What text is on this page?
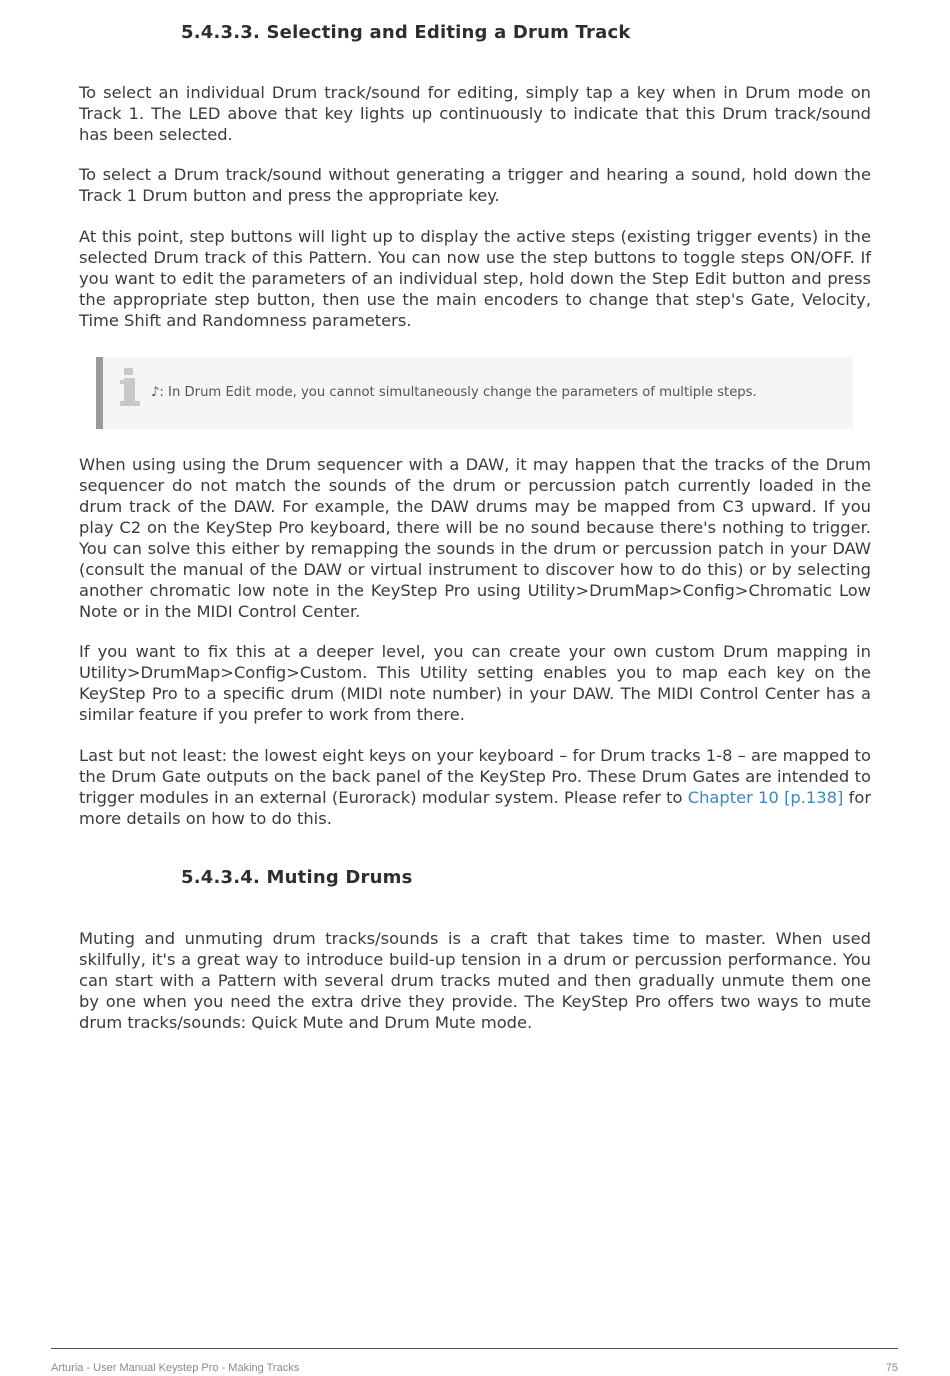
5.4.3.3. Selecting and Editing a Drum Track

To select an individual Drum track/sound for editing, simply tap a key when in Drum mode on Track 1. The LED above that key lights up continuously to indicate that this Drum track/sound has been selected.

To select a Drum track/sound without generating a trigger and hearing a sound, hold down the Track 1 Drum button and press the appropriate key.

At this point, step buttons will light up to display the active steps (existing trigger events) in the selected Drum track of this Pattern. You can now use the step buttons to toggle steps ON/OFF. If you want to edit the parameters of an individual step, hold down the Step Edit button and press the appropriate step button, then use the main encoders to change that step's Gate, Velocity, Time Shift and Randomness parameters.

♪: In Drum Edit mode, you cannot simultaneously change the parameters of multiple steps.

When using using the Drum sequencer with a DAW, it may happen that the tracks of the Drum sequencer do not match the sounds of the drum or percussion patch currently loaded in the drum track of the DAW. For example, the DAW drums may be mapped from C3 upward. If you play C2 on the KeyStep Pro keyboard, there will be no sound because there's nothing to trigger. You can solve this either by remapping the sounds in the drum or percussion patch in your DAW (consult the manual of the DAW or virtual instrument to discover how to do this) or by selecting another chromatic low note in the KeyStep Pro using Utility>DrumMap>Config>Chromatic Low Note or in the MIDI Control Center.

If you want to fix this at a deeper level, you can create your own custom Drum mapping in Utility>DrumMap>Config>Custom. This Utility setting enables you to map each key on the KeyStep Pro to a specific drum (MIDI note number) in your DAW. The MIDI Control Center has a similar feature if you prefer to work from there.

Last but not least: the lowest eight keys on your keyboard – for Drum tracks 1-8 – are mapped to the Drum Gate outputs on the back panel of the KeyStep Pro. These Drum Gates are intended to trigger modules in an external (Eurorack) modular system. Please refer to Chapter 10 [p.138] for more details on how to do this.

5.4.3.4. Muting Drums

Muting and unmuting drum tracks/sounds is a craft that takes time to master. When used skilfully, it's a great way to introduce build-up tension in a drum or percussion performance. You can start with a Pattern with several drum tracks muted and then gradually unmute them one by one when you need the extra drive they provide. The KeyStep Pro offers two ways to mute drum tracks/sounds: Quick Mute and Drum Mute mode.

Arturia - User Manual Keystep Pro - Making Tracks	75
